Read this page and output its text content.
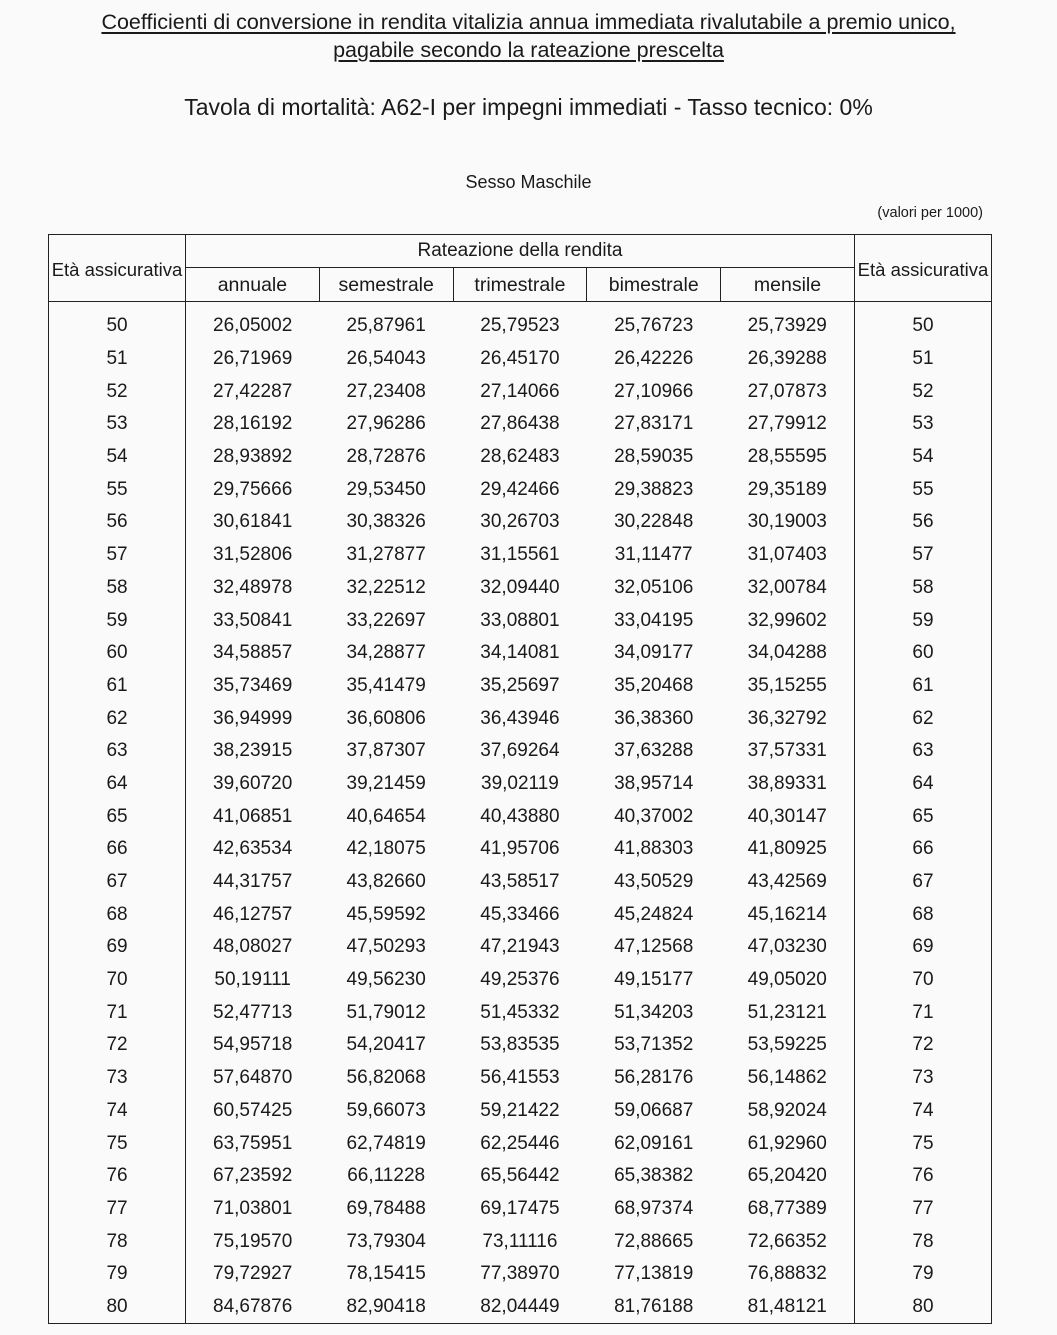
Coefficienti di conversione in rendita vitalizia annua immediata rivalutabile a premio unico,
pagabile secondo la rateazione prescelta
Tavola di mortalità: A62-I per impegni immediati - Tasso tecnico: 0%
Sesso Maschile
(valori per 1000)
Età assicurativa	Rateazione della rendita					Età assicurativa
	annuale	semestrale	trimestrale	bimestrale	mensile	
50	26,05002	25,87961	25,79523	25,76723	25,73929	50
51	26,71969	26,54043	26,45170	26,42226	26,39288	51
52	27,42287	27,23408	27,14066	27,10966	27,07873	52
53	28,16192	27,96286	27,86438	27,83171	27,79912	53
54	28,93892	28,72876	28,62483	28,59035	28,55595	54
55	29,75666	29,53450	29,42466	29,38823	29,35189	55
56	30,61841	30,38326	30,26703	30,22848	30,19003	56
57	31,52806	31,27877	31,15561	31,11477	31,07403	57
58	32,48978	32,22512	32,09440	32,05106	32,00784	58
59	33,50841	33,22697	33,08801	33,04195	32,99602	59
60	34,58857	34,28877	34,14081	34,09177	34,04288	60
61	35,73469	35,41479	35,25697	35,20468	35,15255	61
62	36,94999	36,60806	36,43946	36,38360	36,32792	62
63	38,23915	37,87307	37,69264	37,63288	37,57331	63
64	39,60720	39,21459	39,02119	38,95714	38,89331	64
65	41,06851	40,64654	40,43880	40,37002	40,30147	65
66	42,63534	42,18075	41,95706	41,88303	41,80925	66
67	44,31757	43,82660	43,58517	43,50529	43,42569	67
68	46,12757	45,59592	45,33466	45,24824	45,16214	68
69	48,08027	47,50293	47,21943	47,12568	47,03230	69
70	50,19111	49,56230	49,25376	49,15177	49,05020	70
71	52,47713	51,79012	51,45332	51,34203	51,23121	71
72	54,95718	54,20417	53,83535	53,71352	53,59225	72
73	57,64870	56,82068	56,41553	56,28176	56,14862	73
74	60,57425	59,66073	59,21422	59,06687	58,92024	74
75	63,75951	62,74819	62,25446	62,09161	61,92960	75
76	67,23592	66,11228	65,56442	65,38382	65,20420	76
77	71,03801	69,78488	69,17475	68,97374	68,77389	77
78	75,19570	73,79304	73,11116	72,88665	72,66352	78
79	79,72927	78,15415	77,38970	77,13819	76,88832	79
80	84,67876	82,90418	82,04449	81,76188	81,48121	80
